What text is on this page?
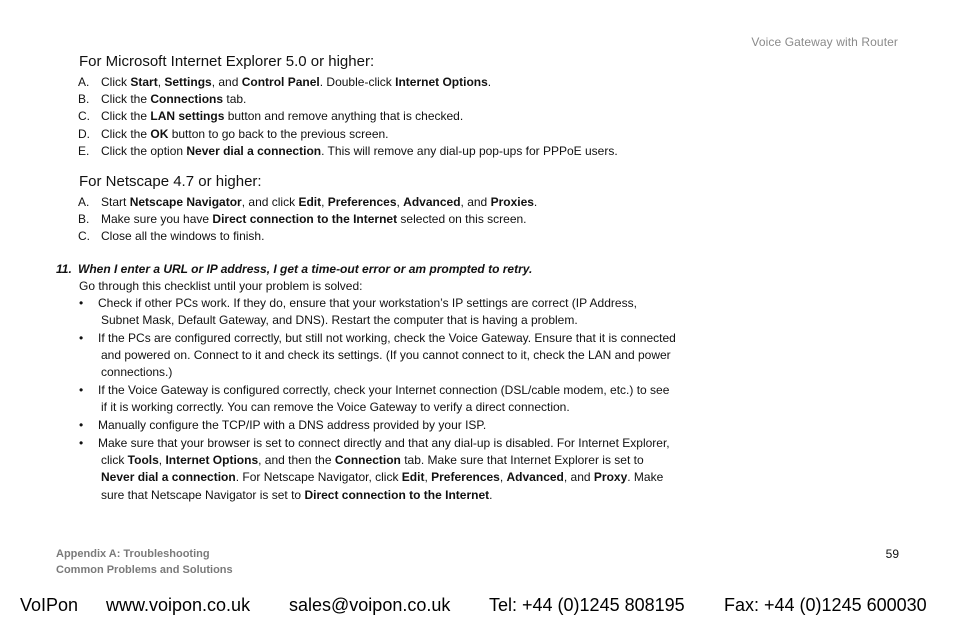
Voice Gateway with Router
For Microsoft Internet Explorer 5.0 or higher:
A. Click Start, Settings, and Control Panel. Double-click Internet Options.
B. Click the Connections tab.
C. Click the LAN settings button and remove anything that is checked.
D. Click the OK button to go back to the previous screen.
E. Click the option Never dial a connection. This will remove any dial-up pop-ups for PPPoE users.
For Netscape 4.7 or higher:
A. Start Netscape Navigator, and click Edit, Preferences, Advanced, and Proxies.
B. Make sure you have Direct connection to the Internet selected on this screen.
C. Close all the windows to finish.
11. When I enter a URL or IP address, I get a time-out error or am prompted to retry.
Go through this checklist until your problem is solved:
• Check if other PCs work. If they do, ensure that your workstation’s IP settings are correct (IP Address, Subnet Mask, Default Gateway, and DNS). Restart the computer that is having a problem.
• If the PCs are configured correctly, but still not working, check the Voice Gateway. Ensure that it is connected and powered on. Connect to it and check its settings. (If you cannot connect to it, check the LAN and power connections.)
• If the Voice Gateway is configured correctly, check your Internet connection (DSL/cable modem, etc.) to see if it is working correctly. You can remove the Voice Gateway to verify a direct connection.
• Manually configure the TCP/IP with a DNS address provided by your ISP.
• Make sure that your browser is set to connect directly and that any dial-up is disabled. For Internet Explorer, click Tools, Internet Options, and then the Connection tab. Make sure that Internet Explorer is set to Never dial a connection. For Netscape Navigator, click Edit, Preferences, Advanced, and Proxy. Make sure that Netscape Navigator is set to Direct connection to the Internet.
Appendix A: Troubleshooting
Common Problems and Solutions
59
VoIPon www.voipon.co.uk sales@voipon.co.uk Tel: +44 (0)1245 808195 Fax: +44 (0)1245 600030
